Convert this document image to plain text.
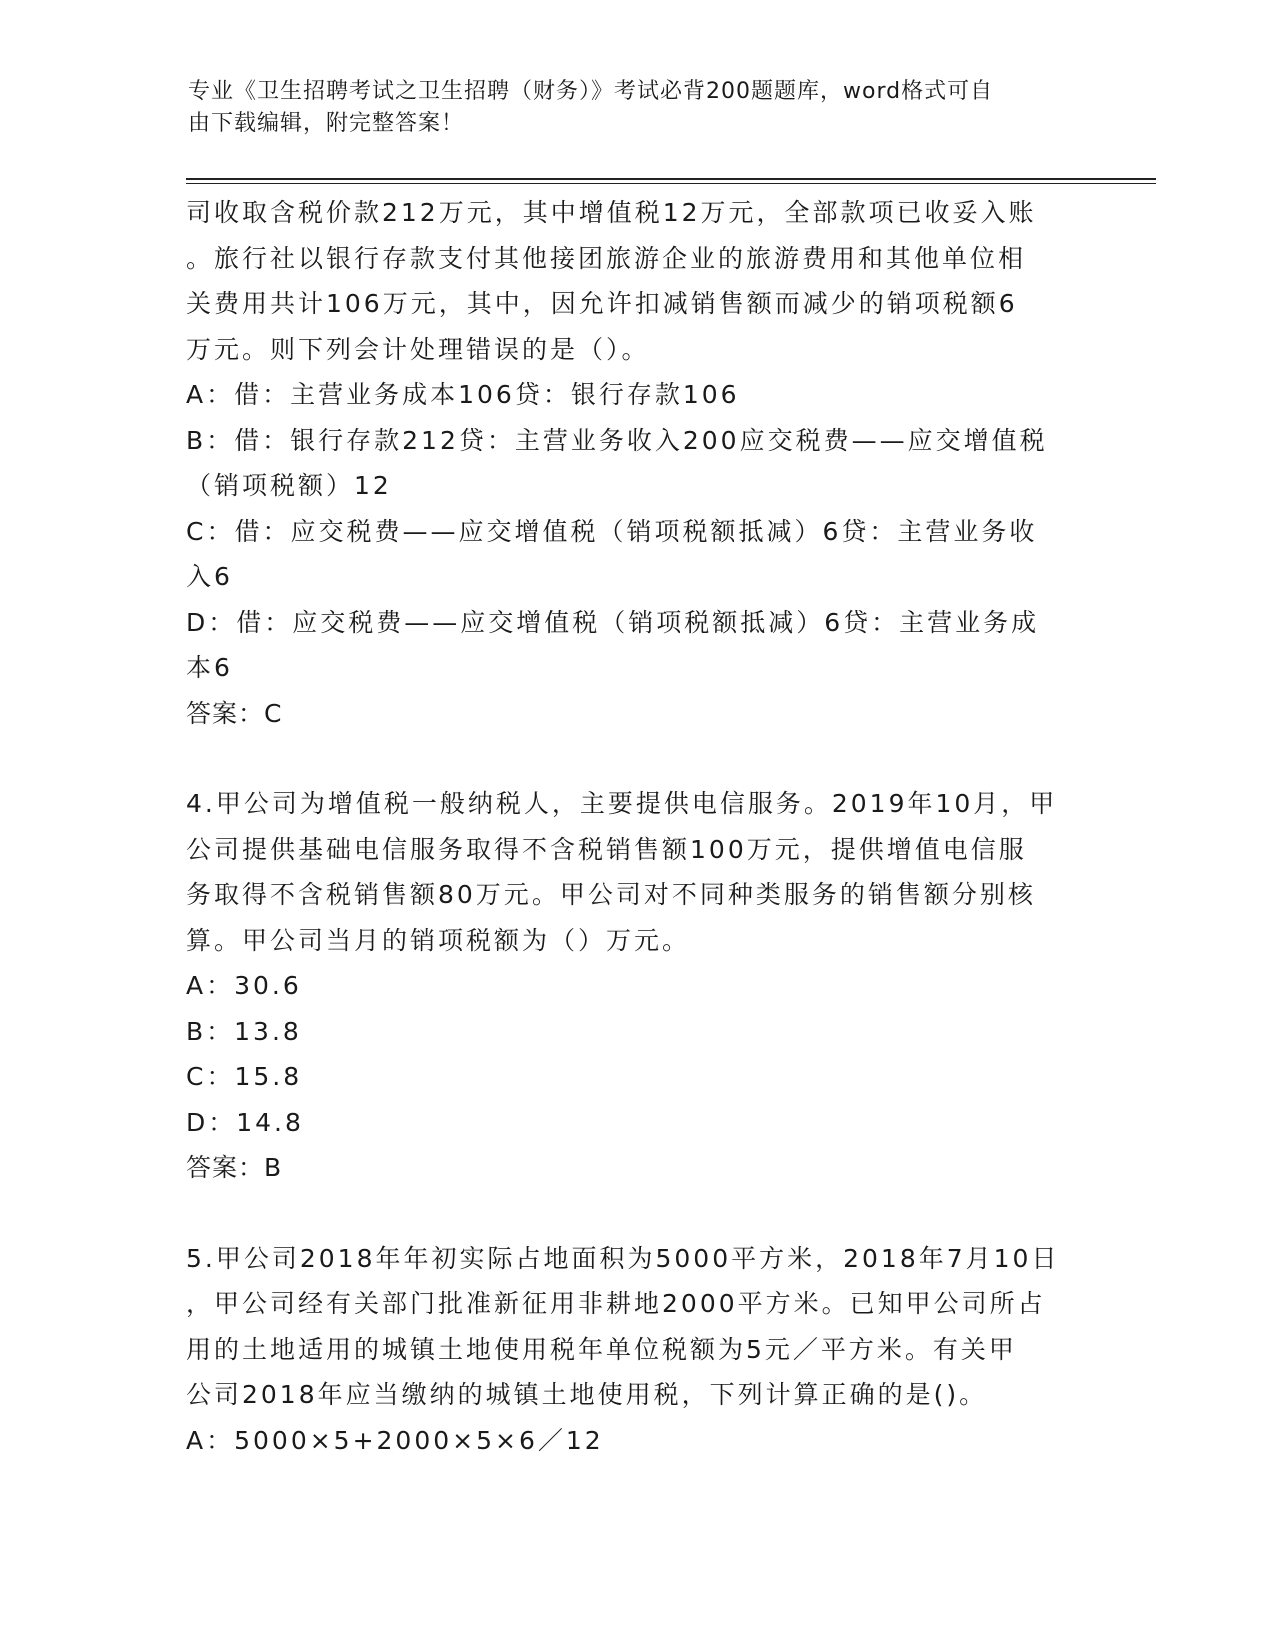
专业《卫生招聘考试之卫生招聘（财务）》考试必背200题题库，word格式可自
由下载编辑，附完整答案！

司收取含税价款212万元，其中增值税12万元，全部款项已收妥入账

。旅行社以银行存款支付其他接团旅游企业的旅游费用和其他单位相

关费用共计106万元，其中，因允许扣减销售额而减少的销项税额6

万元。则下列会计处理错误的是（）。

A：借：主营业务成本106贷：银行存款106

B：借：银行存款212贷：主营业务收入200应交税费——应交增值税

（销项税额）12

C：借：应交税费——应交增值税（销项税额抵减）6贷：主营业务收

入6

D：借：应交税费——应交增值税（销项税额抵减）6贷：主营业务成

本6

答案：C

4.甲公司为增值税一般纳税人，主要提供电信服务。2019年10月，甲

公司提供基础电信服务取得不含税销售额100万元，提供增值电信服

务取得不含税销售额80万元。甲公司对不同种类服务的销售额分别核

算。甲公司当月的销项税额为（）万元。

A：30.6

B：13.8

C：15.8

D：14.8

答案：B

5.甲公司2018年年初实际占地面积为5000平方米，2018年7月10日

，甲公司经有关部门批准新征用非耕地2000平方米。已知甲公司所占

用的土地适用的城镇土地使用税年单位税额为5元／平方米。有关甲

公司2018年应当缴纳的城镇土地使用税，下列计算正确的是()。

A：5000×5+2000×5×6／12
